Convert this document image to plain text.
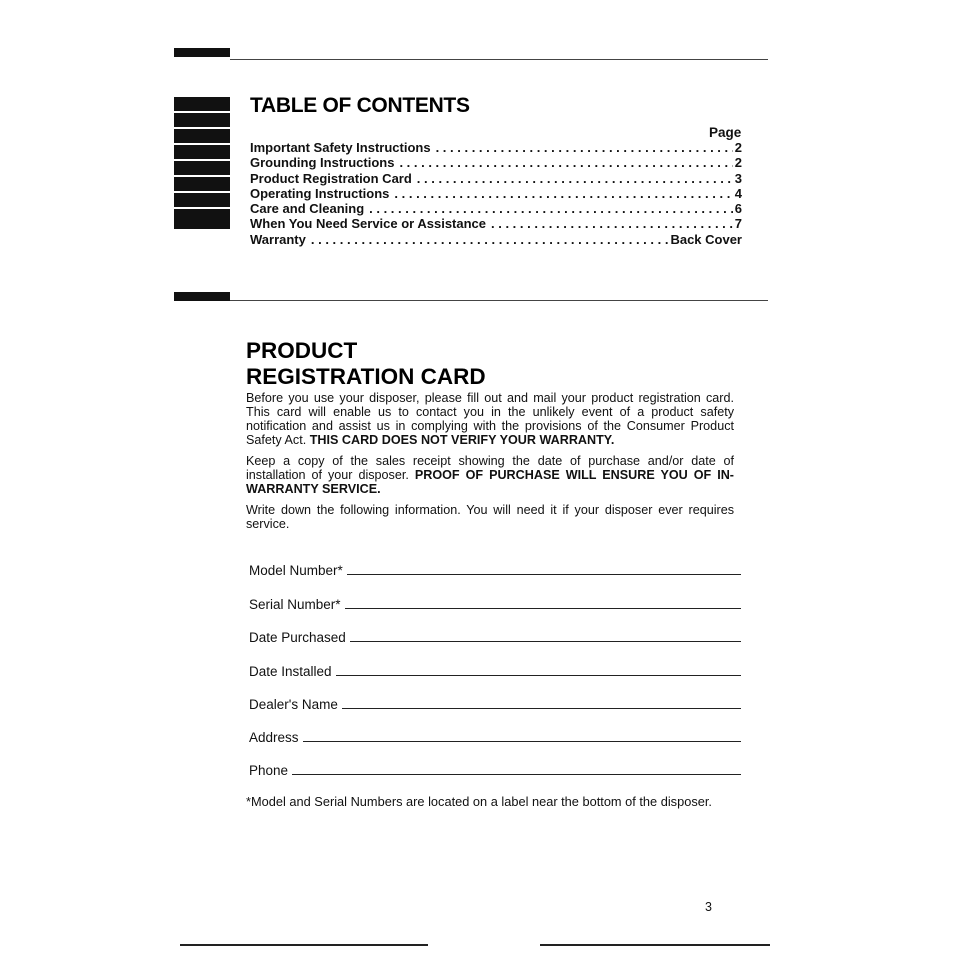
TABLE OF CONTENTS
Page
Important Safety Instructions . . .	2
Grounding Instructions . . .	2
Product Registration Card . . .	3
Operating Instructions . . .	4
Care and Cleaning . . .	6
When You Need Service or Assistance . . .	7
Warranty . . .	Back Cover
PRODUCT
REGISTRATION CARD
Before you use your disposer, please fill out and mail your product registration card. This card will enable us to contact you in the unlikely event of a product safety notification and assist us in complying with the provisions of the Consumer Product Safety Act. THIS CARD DOES NOT VERIFY YOUR WARRANTY.
Keep a copy of the sales receipt showing the date of purchase and/or date of installation of your disposer. PROOF OF PURCHASE WILL ENSURE YOU OF IN-WARRANTY SERVICE.
Write down the following information. You will need it if your disposer ever requires service.
Model Number*
Serial Number*
Date Purchased
Date Installed
Dealer's Name
Address
Phone
*Model and Serial Numbers are located on a label near the bottom of the disposer.
3
